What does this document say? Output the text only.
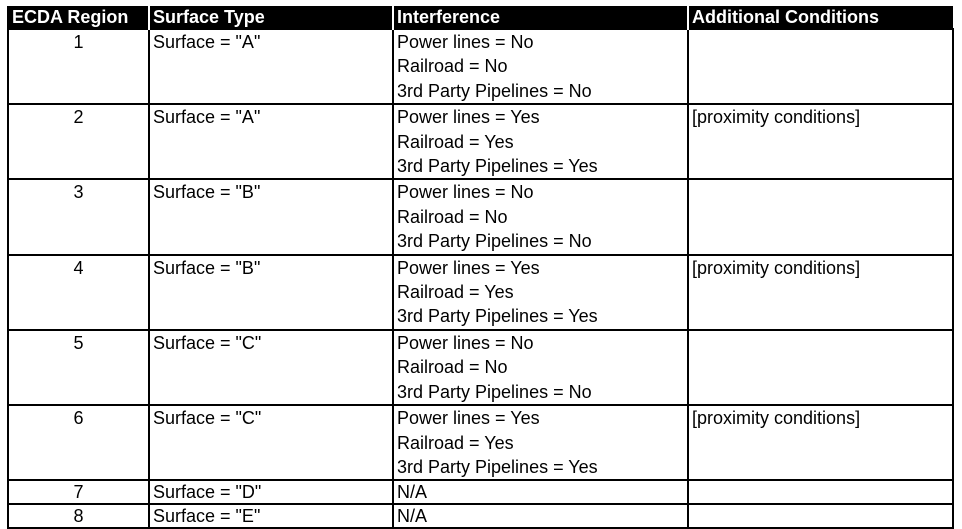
ECDA Region	Surface Type	Interference	Additional Conditions
1	Surface = "A"	Power lines = No
Railroad = No
3rd Party Pipelines = No	

2	Surface = "A"	Power lines = Yes
Railroad = Yes
3rd Party Pipelines = Yes	[proximity conditions]
3	Surface = "B"	Power lines = No
Railroad = No
3rd Party Pipelines = No	

4	Surface = "B"	Power lines = Yes
Railroad = Yes
3rd Party Pipelines = Yes	[proximity conditions]
5	Surface = "C"	Power lines = No
Railroad = No
3rd Party Pipelines = No	

6	Surface = "C"	Power lines = Yes
Railroad = Yes
3rd Party Pipelines = Yes	[proximity conditions]
7	Surface = "D"	N/A	

8	Surface = "E"	N/A	
